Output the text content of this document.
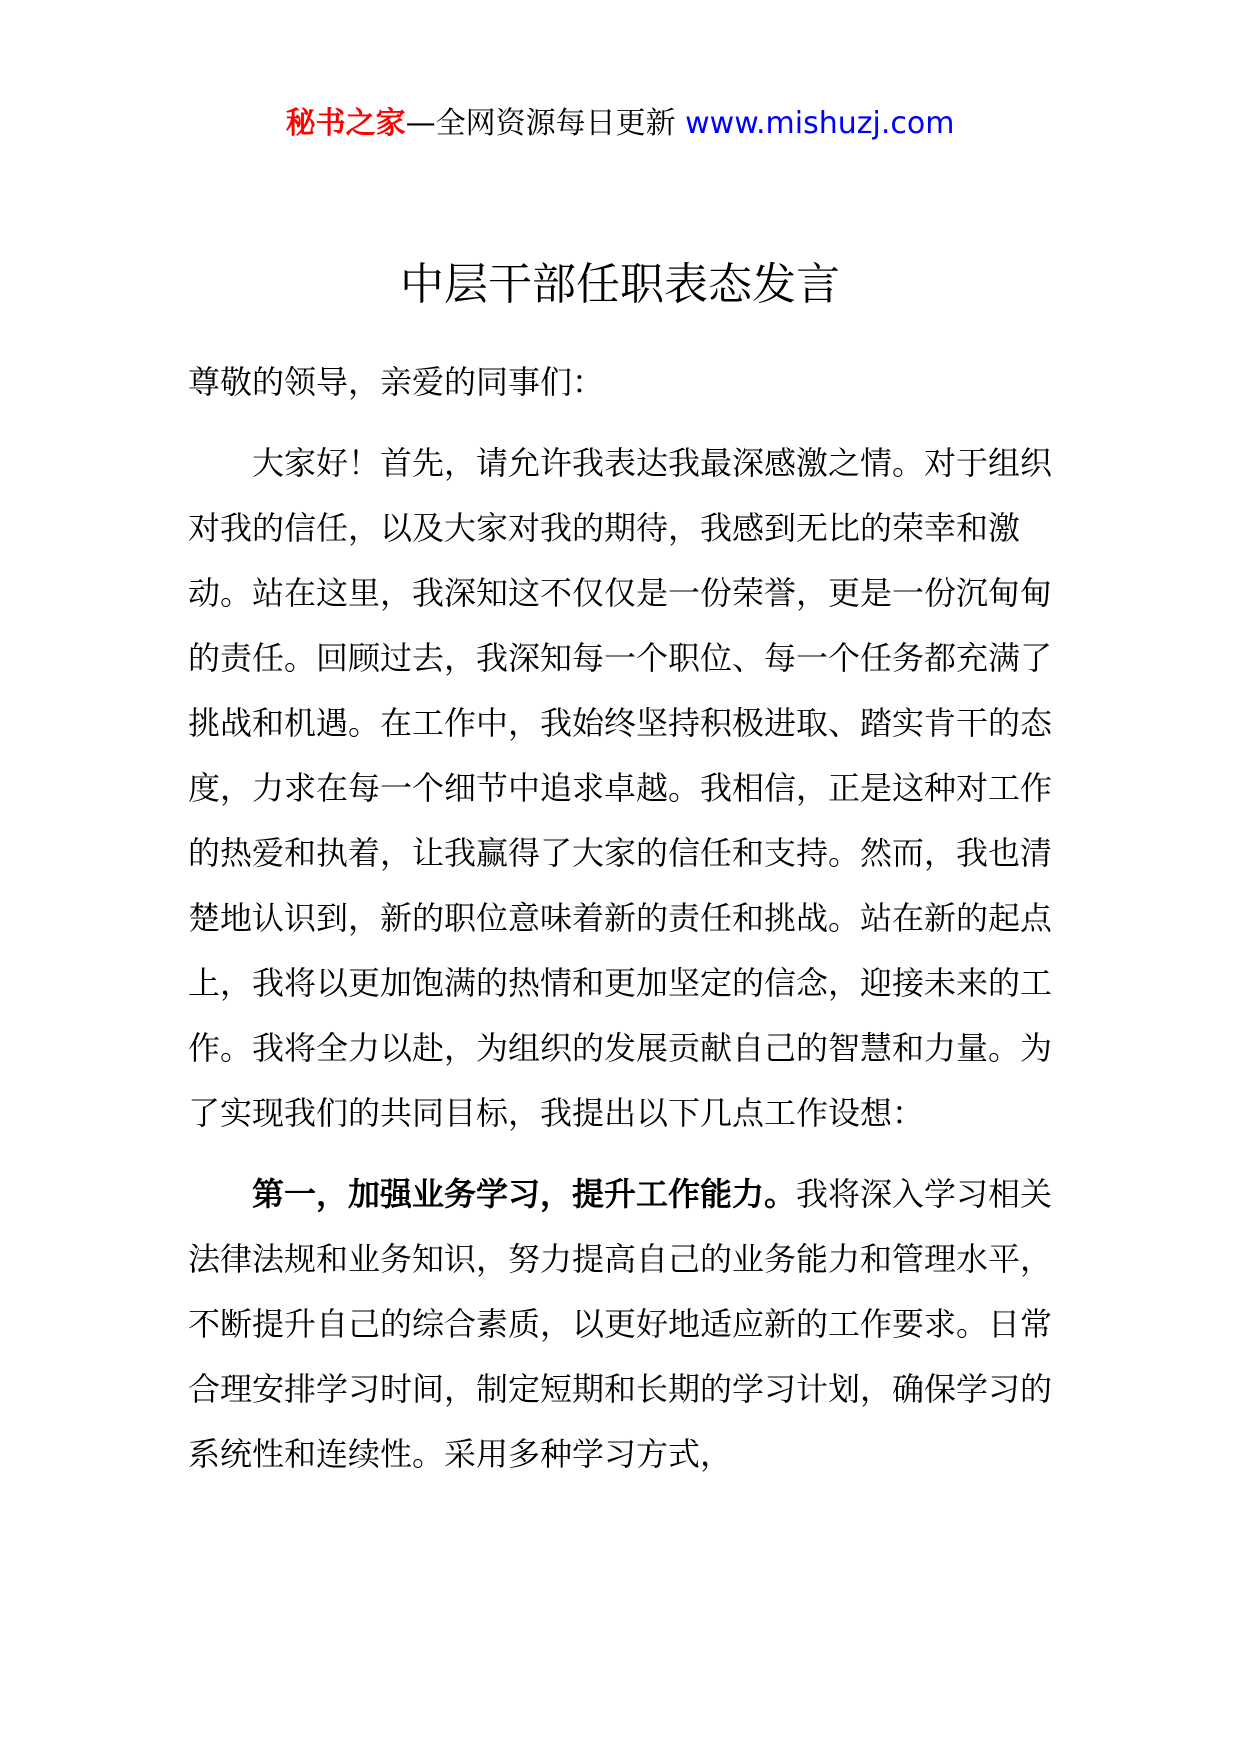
秘书之家—全网资源每日更新 www.mishuzj.com
中层干部任职表态发言

尊敬的领导，亲爱的同事们：

大家好！首先，请允许我表达我最深感激之情。对于组织对我的信任，以及大家对我的期待，我感到无比的荣幸和激动。站在这里，我深知这不仅仅是一份荣誉，更是一份沉甸甸的责任。回顾过去，我深知每一个职位、每一个任务都充满了挑战和机遇。在工作中，我始终坚持积极进取、踏实肯干的态度，力求在每一个细节中追求卓越。我相信，正是这种对工作的热爱和执着，让我赢得了大家的信任和支持。然而，我也清楚地认识到，新的职位意味着新的责任和挑战。站在新的起点上，我将以更加饱满的热情和更加坚定的信念，迎接未来的工作。我将全力以赴，为组织的发展贡献自己的智慧和力量。为了实现我们的共同目标，我提出以下几点工作设想：

第一，加强业务学习，提升工作能力。我将深入学习相关法律法规和业务知识，努力提高自己的业务能力和管理水平，不断提升自己的综合素质，以更好地适应新的工作要求。日常合理安排学习时间，制定短期和长期的学习计划，确保学习的系统性和连续性。采用多种学习方式，
